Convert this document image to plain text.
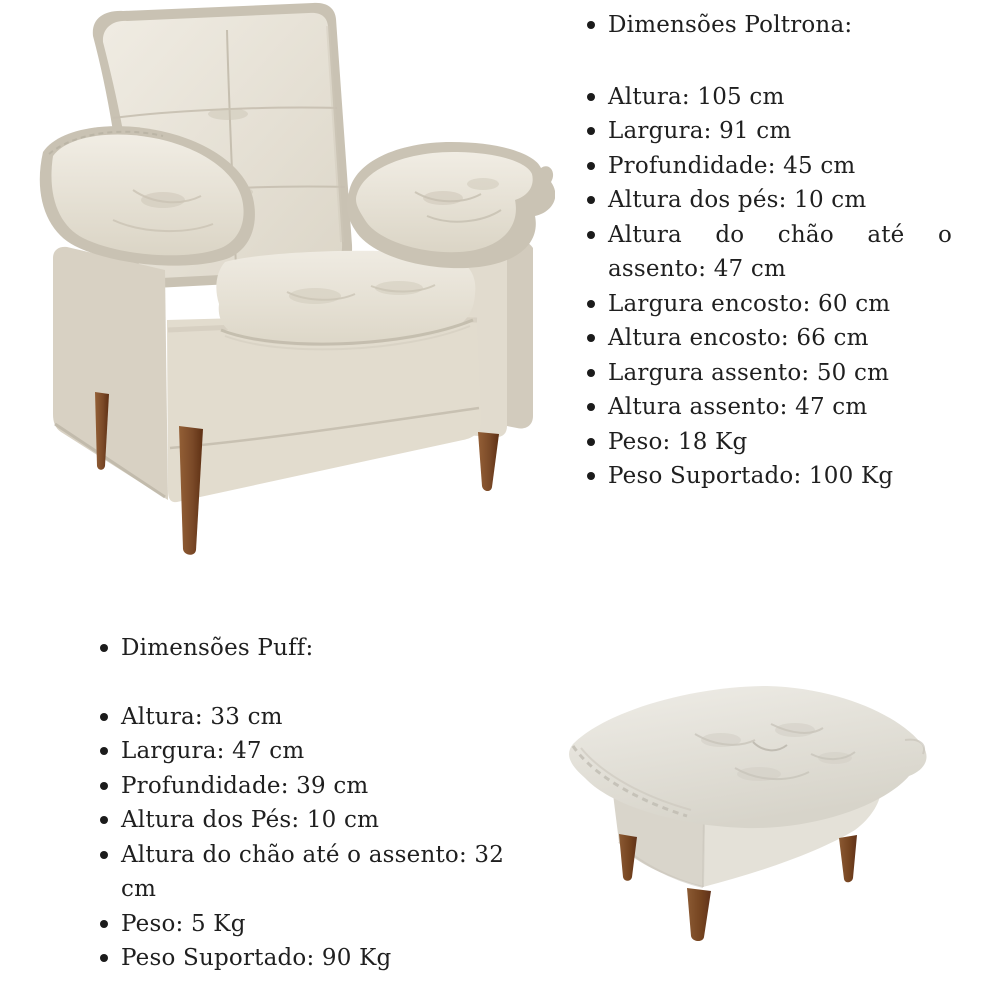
Dimensões Poltrona:
Altura: 105 cm
Largura: 91 cm
Profundidade: 45 cm
Altura dos pés: 10 cm
Altura do chão até o assento: 47 cm
Largura encosto: 60 cm
Altura encosto: 66 cm
Largura assento: 50 cm
Altura assento: 47 cm
Peso: 18 Kg
Peso Suportado: 100 Kg
Dimensões Puff:
Altura: 33 cm
Largura: 47 cm
Profundidade: 39 cm
Altura dos Pés: 10 cm
Altura do chão até o assento: 32 cm
Peso: 5 Kg
Peso Suportado: 90 Kg
